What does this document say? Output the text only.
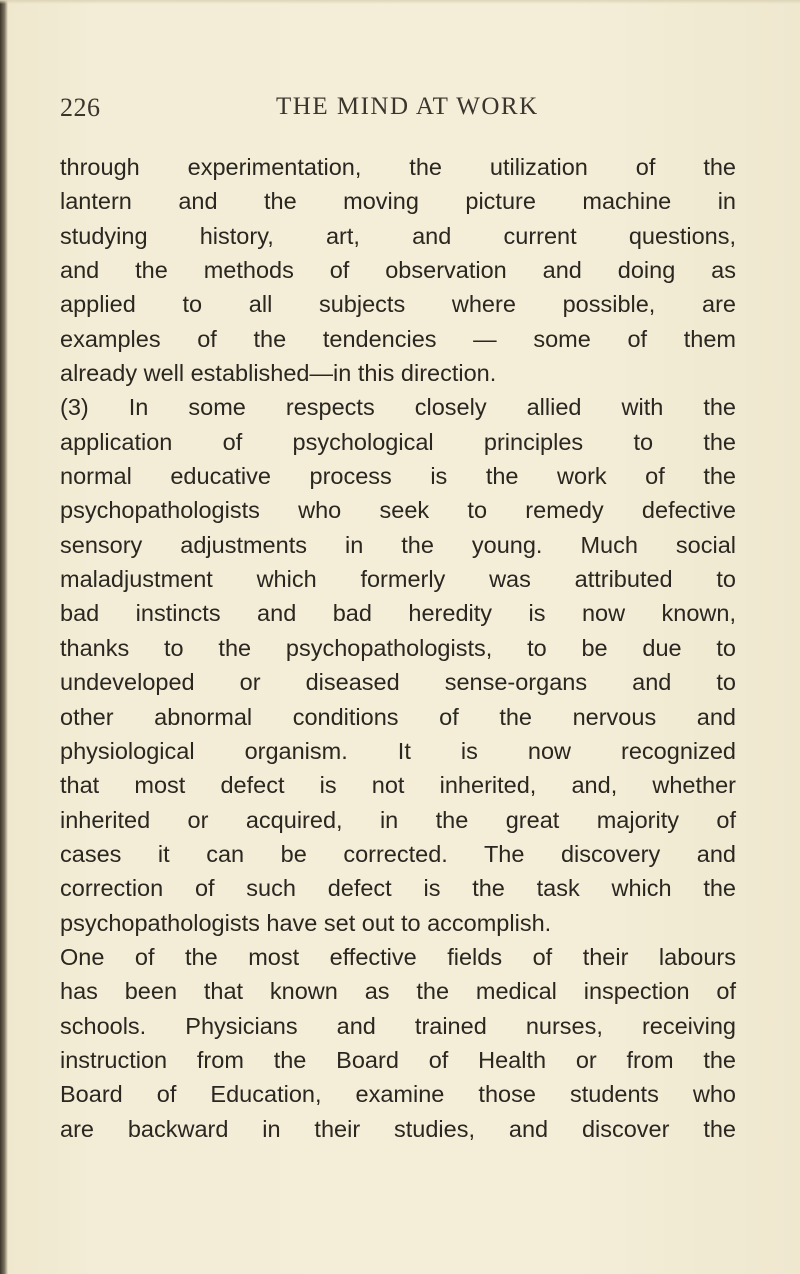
226	THE MIND AT WORK
through experimentation, the utilization of the
lantern and the moving picture machine in
studying history, art, and current questions,
and the methods of observation and doing as
applied to all subjects where possible, are
examples of the tendencies — some of them
already well established—in this direction.
(3) In some respects closely allied with the
application of psychological principles to the
normal educative process is the work of the
psychopathologists who seek to remedy defective
sensory adjustments in the young. Much social
maladjustment which formerly was attributed to
bad instincts and bad heredity is now known,
thanks to the psychopathologists, to be due to
undeveloped or diseased sense-organs and to
other abnormal conditions of the nervous and
physiological organism. It is now recognized
that most defect is not inherited, and, whether
inherited or acquired, in the great majority of
cases it can be corrected. The discovery and
correction of such defect is the task which the
psychopathologists have set out to accomplish.
One of the most effective fields of their labours
has been that known as the medical inspection of
schools. Physicians and trained nurses, receiving
instruction from the Board of Health or from the
Board of Education, examine those students who
are backward in their studies, and discover the
